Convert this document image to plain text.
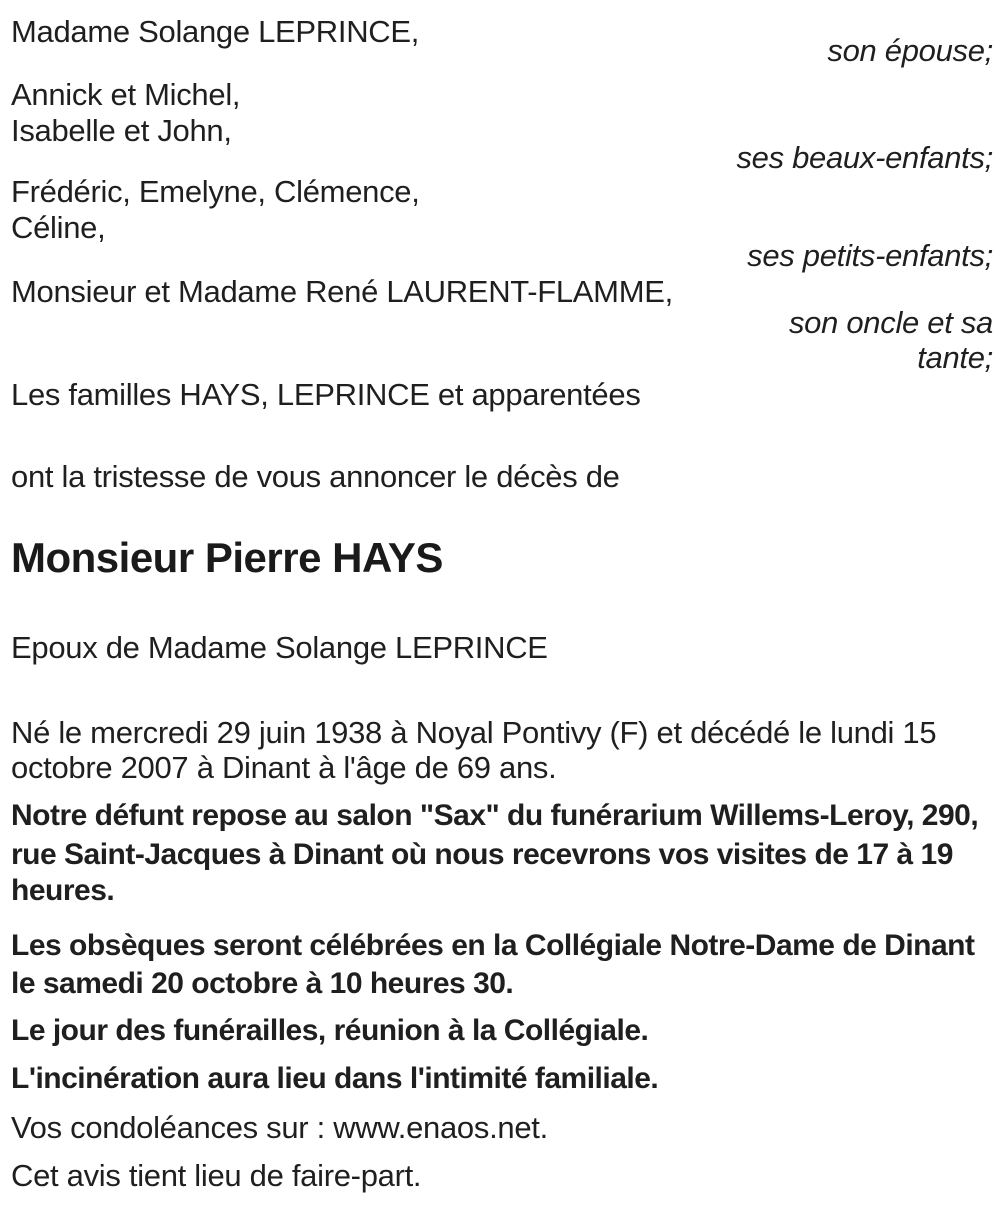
Madame Solange LEPRINCE,
son épouse;
Annick et Michel,
Isabelle et John,
ses beaux-enfants;
Frédéric, Emelyne, Clémence,
Céline,
ses petits-enfants;
Monsieur et Madame René LAURENT-FLAMME,
son oncle et sa
tante;
Les familles HAYS, LEPRINCE et apparentées
ont la tristesse de vous annoncer le décès de
Monsieur Pierre HAYS
Epoux de Madame Solange LEPRINCE
Né le mercredi 29 juin 1938 à Noyal Pontivy (F) et décédé le lundi 15
octobre 2007 à Dinant à l'âge de 69 ans.
Notre défunt repose au salon "Sax" du funérarium Willems-Leroy, 290,
rue Saint-Jacques à Dinant où nous recevrons vos visites de 17 à 19
heures.
Les obsèques seront célébrées en la Collégiale Notre-Dame de Dinant
le samedi 20 octobre à 10 heures 30.
Le jour des funérailles, réunion à la Collégiale.
L'incinération aura lieu dans l'intimité familiale.
Vos condoléances sur : www.enaos.net.
Cet avis tient lieu de faire-part.
